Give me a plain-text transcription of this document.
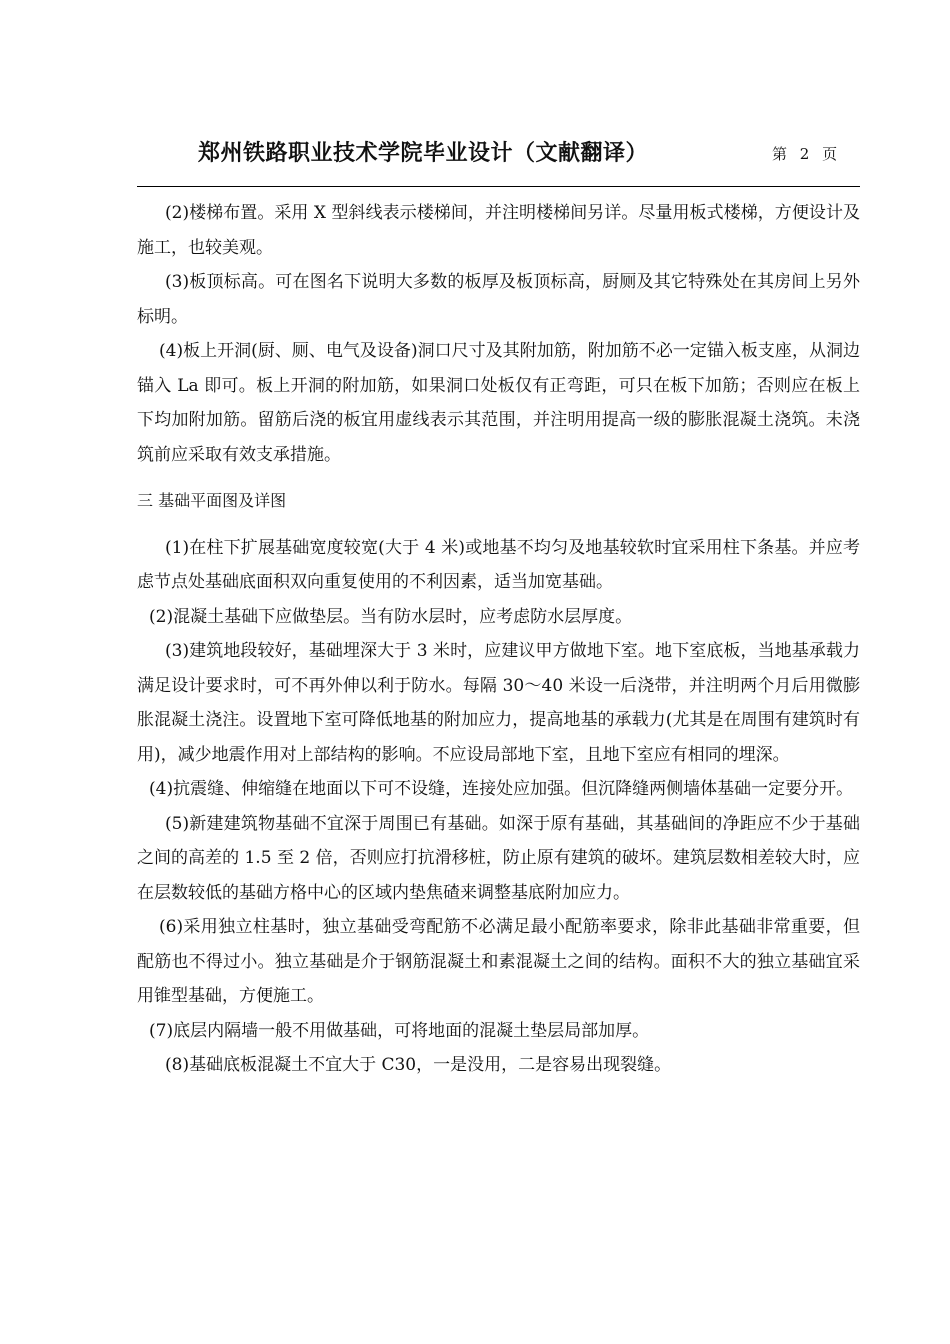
郑州铁路职业技术学院毕业设计（文献翻译）	第 2 页

(2)楼梯布置。采用 X 型斜线表示楼梯间，并注明楼梯间另详。尽量用板式楼梯，方便设计及施工，也较美观。

(3)板顶标高。可在图名下说明大多数的板厚及板顶标高，厨厕及其它特殊处在其房间上另外标明。

(4)板上开洞(厨、厕、电气及设备)洞口尺寸及其附加筋，附加筋不必一定锚入板支座，从洞边锚入 La 即可。板上开洞的附加筋，如果洞口处板仅有正弯距，可只在板下加筋；否则应在板上下均加附加筋。留筋后浇的板宜用虚线表示其范围，并注明用提高一级的膨胀混凝土浇筑。未浇筑前应采取有效支承措施。

三 基础平面图及详图

(1)在柱下扩展基础宽度较宽(大于 4 米)或地基不均匀及地基较软时宜采用柱下条基。并应考虑节点处基础底面积双向重复使用的不利因素，适当加宽基础。

(2)混凝土基础下应做垫层。当有防水层时，应考虑防水层厚度。

(3)建筑地段较好，基础埋深大于 3 米时，应建议甲方做地下室。地下室底板，当地基承载力满足设计要求时，可不再外伸以利于防水。每隔 30～40 米设一后浇带，并注明两个月后用微膨胀混凝土浇注。设置地下室可降低地基的附加应力，提高地基的承载力(尤其是在周围有建筑时有用)，减少地震作用对上部结构的影响。不应设局部地下室，且地下室应有相同的埋深。

(4)抗震缝、伸缩缝在地面以下可不设缝，连接处应加强。但沉降缝两侧墙体基础一定要分开。

(5)新建建筑物基础不宜深于周围已有基础。如深于原有基础，其基础间的净距应不少于基础之间的高差的 1.5 至 2 倍，否则应打抗滑移桩，防止原有建筑的破坏。建筑层数相差较大时，应在层数较低的基础方格中心的区域内垫焦碴来调整基底附加应力。

(6)采用独立柱基时，独立基础受弯配筋不必满足最小配筋率要求，除非此基础非常重要，但配筋也不得过小。独立基础是介于钢筋混凝土和素混凝土之间的结构。面积不大的独立基础宜采用锥型基础，方便施工。

(7)底层内隔墙一般不用做基础，可将地面的混凝土垫层局部加厚。

(8)基础底板混凝土不宜大于 C30，一是没用，二是容易出现裂缝。
